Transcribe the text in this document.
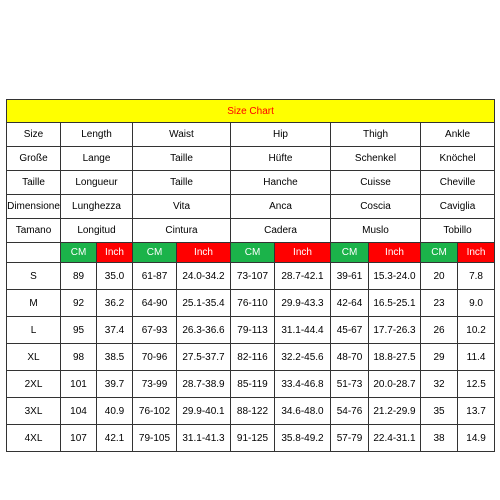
Size Chart										
Size	Length		Waist		Hip		Thigh		Ankle	
Große	Lange		Taille		Hüfte		Schenkel		Knöchel	
Taille	Longueur		Taille		Hanche		Cuisse		Cheville	
Dimensione	Lunghezza		Vita		Anca		Coscia		Caviglia	
Tamano	Longitud		Cintura		Cadera		Muslo		Tobillo	
	CM	Inch	CM	Inch	CM	Inch	CM	Inch	CM	Inch
S	89	35.0	61-87	24.0-34.2	73-107	28.7-42.1	39-61	15.3-24.0	20	7.8
M	92	36.2	64-90	25.1-35.4	76-110	29.9-43.3	42-64	16.5-25.1	23	9.0
L	95	37.4	67-93	26.3-36.6	79-113	31.1-44.4	45-67	17.7-26.3	26	10.2
XL	98	38.5	70-96	27.5-37.7	82-116	32.2-45.6	48-70	18.8-27.5	29	11.4
2XL	101	39.7	73-99	28.7-38.9	85-119	33.4-46.8	51-73	20.0-28.7	32	12.5
3XL	104	40.9	76-102	29.9-40.1	88-122	34.6-48.0	54-76	21.2-29.9	35	13.7
4XL	107	42.1	79-105	31.1-41.3	91-125	35.8-49.2	57-79	22.4-31.1	38	14.9
